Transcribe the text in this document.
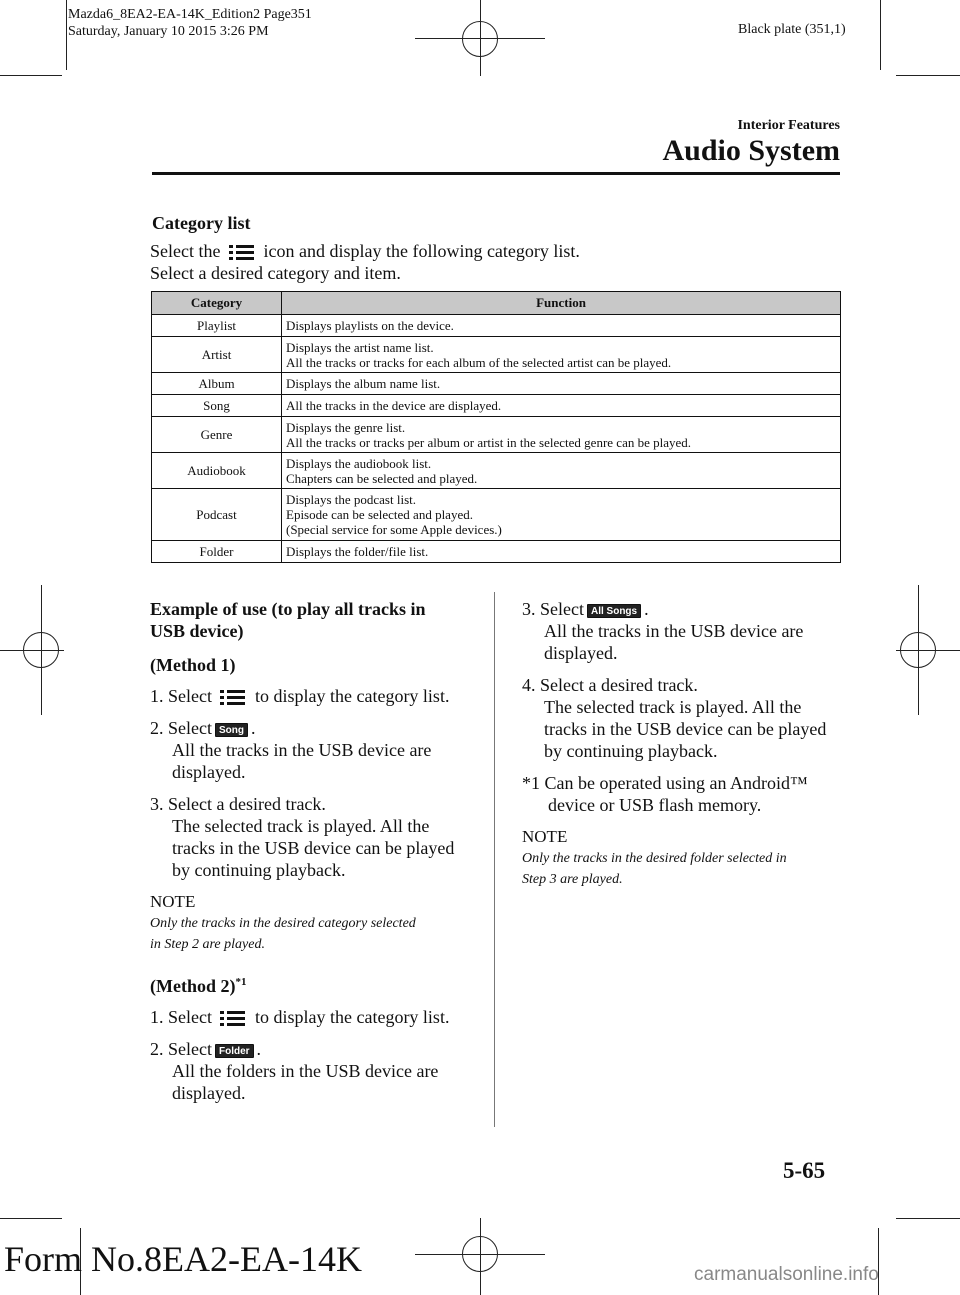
Mazda6_8EA2-EA-14K_Edition2 Page351
Saturday, January 10 2015 3:26 PM	Black plate (351,1)
Interior Features
Audio System
Category list
Select the icon and display the following category list.
Select a desired category and item.
Category	Function
Playlist	Displays playlists on the device.

Artist	Displays the artist name list.
All the tracks or tracks for each album of the selected artist can be played.

Album	Displays the album name list.

Song	All the tracks in the device are displayed.

Genre	Displays the genre list.
All the tracks or tracks per album or artist in the selected genre can be played.

Audiobook	Displays the audiobook list.
Chapters can be selected and played.

Podcast	Displays the podcast list.
Episode can be selected and played.
(Special service for some Apple devices.)

Folder	Displays the folder/file list.
Example of use (to play all tracks in
USB device)
(Method 1)
1. Select to display the category list.
2. Select Song .
All the tracks in the USB device are
displayed.
3. Select a desired track.
The selected track is played. All the
tracks in the USB device can be played
by continuing playback.
NOTE
Only the tracks in the desired category selected
in Step 2 are played.
(Method 2)$^{*1}$
1. Select to display the category list.
2. Select Folder .
All the folders in the USB device are
displayed.
3. Select All Songs .
All the tracks in the USB device are
displayed.
4. Select a desired track.
The selected track is played. All the
tracks in the USB device can be played
by continuing playback.
*1 Can be operated using an Android™
device or USB flash memory.
NOTE
Only the tracks in the desired folder selected in
Step 3 are played.
5-65
Form No.8EA2-EA-14K	carmanualsonline.info
